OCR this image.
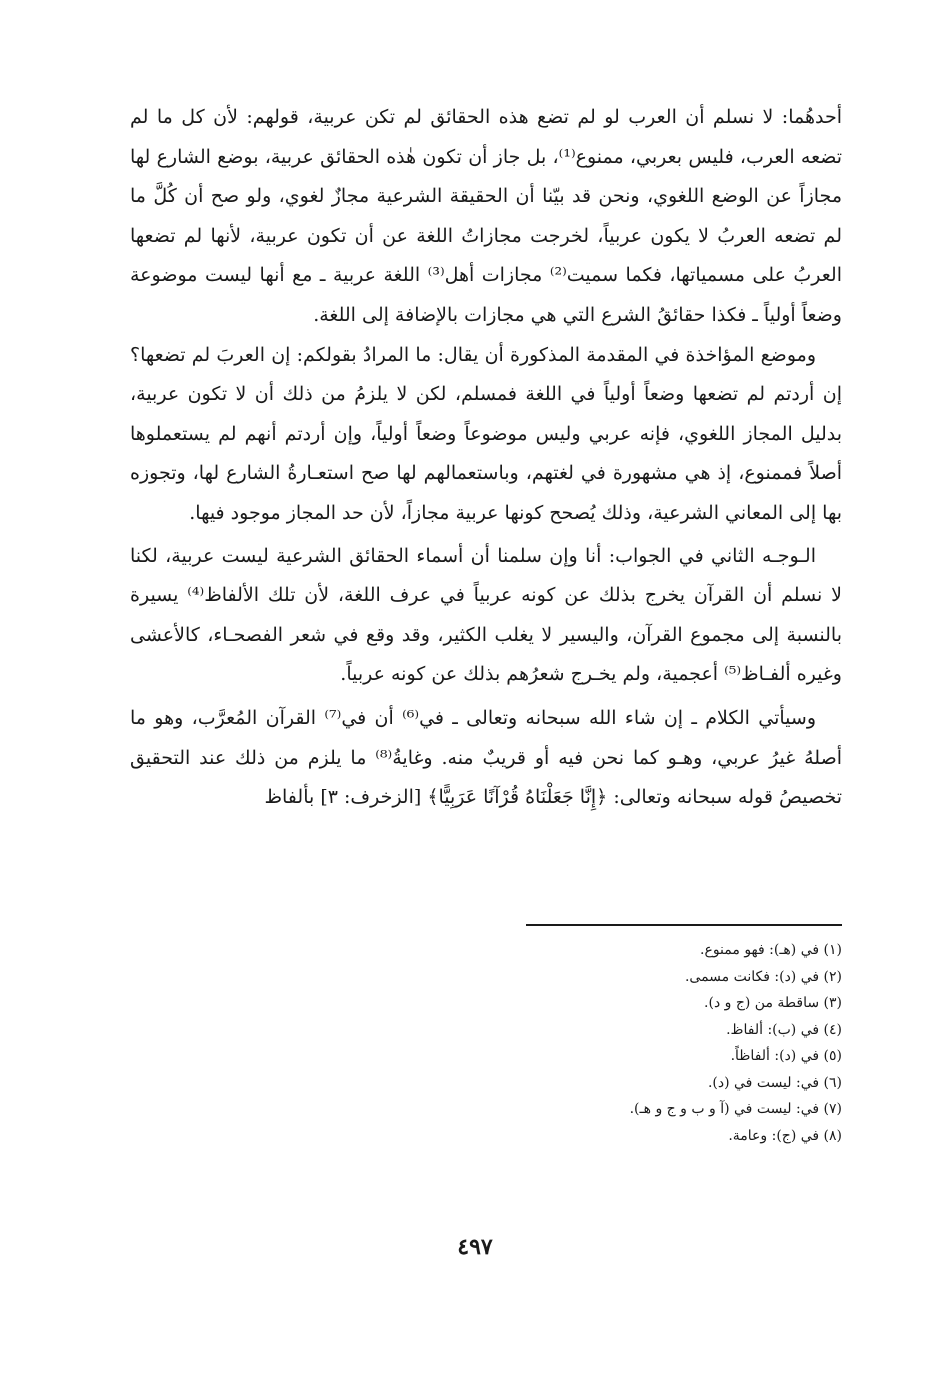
أحدهُما: لا نسلم أن العرب لو لم تضع هذه الحقائق لم تكن عربية، قولهم: لأن كل ما لم تضعه العرب، فليس بعربي، ممنوع⁽¹⁾، بل جاز أن تكون هٰذه الحقائق عربية، بوضع الشارع لها مجازاً عن الوضع اللغوي، ونحن قد بيّنا أن الحقيقة الشرعية مجازٌ لغوي، ولو صح أن كُلَّ ما لم تضعه العربُ لا يكون عربياً، لخرجت مجازاتُ اللغة عن أن تكون عربية، لأنها لم تضعها العربُ على مسمياتها، فكما سميت⁽²⁾ مجازات أهل⁽³⁾ اللغة عربية ـ مع أنها ليست موضوعة وضعاً أولياً ـ فكذا حقائقُ الشرع التي هي مجازات بالإضافة إلى اللغة.

وموضع المؤاخذة في المقدمة المذكورة أن يقال: ما المرادُ بقولكم: إن العربَ لم تضعها؟ إن أردتم لم تضعها وضعاً أولياً في اللغة فمسلم، لكن لا يلزمُ من ذلك أن لا تكون عربية، بدليل المجاز اللغوي، فإنه عربي وليس موضوعاً وضعاً أولياً، وإن أردتم أنهم لم يستعملوها أصلاً فممنوع، إذ هي مشهورة في لغتهم، وباستعمالهم لها صح استعـارةُ الشارع لها، وتجوزه بها إلى المعاني الشرعية، وذلك يُصحح كونها عربية مجازاً، لأن حد المجاز موجود فيها.

الـوجـه الثاني في الجواب: أنا وإن سلمنا أن أسماء الحقائق الشرعية ليست عربية، لكنا لا نسلم أن القرآن يخرج بذلك عن كونه عربياً في عرف اللغة، لأن تلك الألفاظ⁽⁴⁾ يسيرة بالنسبة إلى مجموع القرآن، واليسير لا يغلب الكثير، وقد وقع في شعر الفصحـاء، كالأعشى وغيره ألفـاظ⁽⁵⁾ أعجمية، ولم يخـرج شعرُهم بذلك عن كونه عربياً.

وسيأتي الكلام ـ إن شاء الله سبحانه وتعالى ـ في⁽⁶⁾ أن في⁽⁷⁾ القرآن المُعرَّب، وهو ما أصلهُ غيرُ عربي، وهـو كما نحن فيه أو قريبٌ منه. وغايةُ⁽⁸⁾ ما يلزم من ذلك عند التحقيق تخصيصُ قوله سبحانه وتعالى: ﴿إِنَّا جَعَلْنَاهُ قُرْآنًا عَرَبِيًّا﴾ [الزخرف: ٣] بألفاظ

(١) في (هـ): فهو ممنوع.
(٢) في (د): فكانت مسمى.
(٣) ساقطة من (ج و د).
(٤) في (ب): ألفاظ.
(٥) في (د): ألفاظاً.
(٦) في: ليست في (د).
(٧) في: ليست في (آ و ب و ج و هـ).
(٨) في (ج): وعامة.
٤٩٧
